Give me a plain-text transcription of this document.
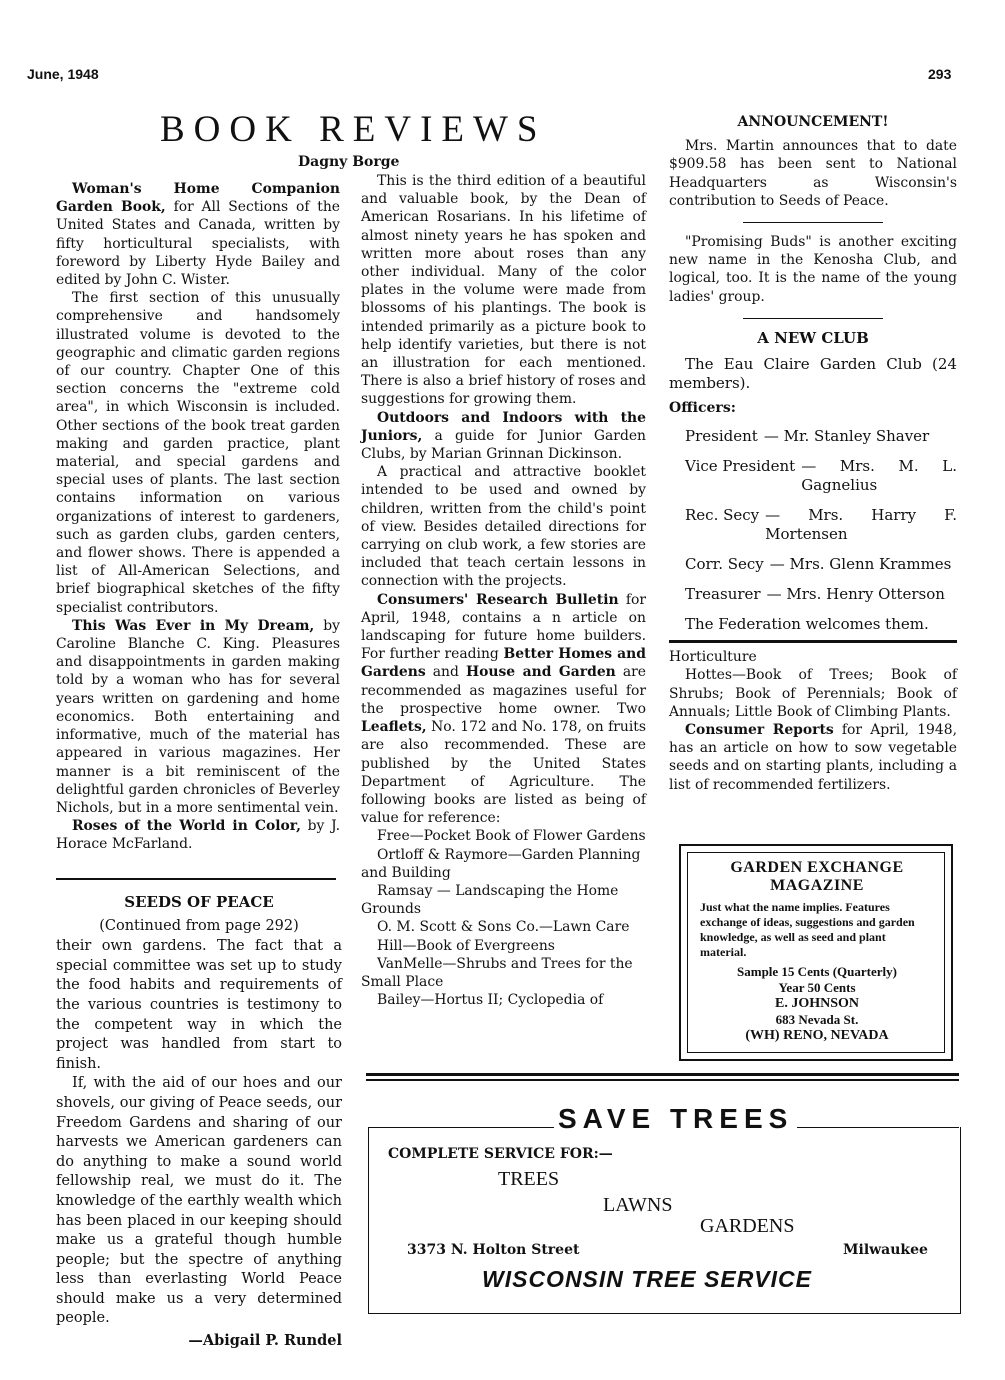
June, 1948	293
BOOK REVIEWS
Dagny Borge

Woman's Home Companion Garden Book, for All Sections of the United States and Canada, written by fifty horticultural specialists, with foreword by Liberty Hyde Bailey and edited by John C. Wister.

The first section of this unusually comprehensive and handsomely illustrated volume is devoted to the geographic and climatic garden regions of our country. Chapter One of this section concerns the "extreme cold area", in which Wisconsin is included. Other sections of the book treat garden making and garden practice, plant material, and special gardens and special uses of plants. The last section contains information on various organizations of interest to gardeners, such as garden clubs, garden centers, and flower shows. There is appended a list of All-American Selections, and brief biographical sketches of the fifty specialist contributors.

This Was Ever in My Dream, by Caroline Blanche C. King. Pleasures and disappointments in garden making told by a woman who has for several years written on gardening and home economics. Both entertaining and informative, much of the material has appeared in various magazines. Her manner is a bit reminiscent of the delightful garden chronicles of Beverley Nichols, but in a more sentimental vein.

Roses of the World in Color, by J. Horace McFarland.

SEEDS OF PEACE

(Continued from page 292)

their own gardens. The fact that a special committee was set up to study the food habits and requirements of the various countries is testimony to the competent way in which the project was handled from start to finish.

If, with the aid of our hoes and our shovels, our giving of Peace seeds, our Freedom Gardens and sharing of our harvests we American gardeners can do anything to make a sound world fellowship real, we must do it. The knowledge of the earthly wealth which has been placed in our keeping should make us a grateful though humble people; but the spectre of anything less than everlasting World Peace should make us a very determined people.

—Abigail P. Rundel

This is the third edition of a beautiful and valuable book, by the Dean of American Rosarians. In his lifetime of almost ninety years he has spoken and written more about roses than any other individual. Many of the color plates in the volume were made from blossoms of his plantings. The book is intended primarily as a picture book to help identify varieties, but there is not an illustration for each mentioned. There is also a brief history of roses and suggestions for growing them.

Outdoors and Indoors with the Juniors, a guide for Junior Garden Clubs, by Marian Grinnan Dickinson.

A practical and attractive booklet intended to be used and owned by children, written from the child's point of view. Besides detailed directions for carrying on club work, a few stories are included that teach certain lessons in connection with the projects.

Consumers' Research Bulletin for April, 1948, contains a n article on landscaping for future home builders. For further reading Better Homes and Gardens and House and Garden are recommended as magazines useful for the prospective home owner. Two Leaflets, No. 172 and No. 178, on fruits are also recommended. These are published by the United States Department of Agriculture. The following books are listed as being of value for reference:

Free—Pocket Book of Flower Gardens

Ortloff & Raymore—Garden Planning and Building

Ramsay — Landscaping the Home Grounds

O. M. Scott & Sons Co.—Lawn Care

Hill—Book of Evergreens

VanMelle—Shrubs and Trees for the Small Place

Bailey—Hortus II; Cyclopedia of

ANNOUNCEMENT!

Mrs. Martin announces that to date $909.58 has been sent to National Headquarters as Wisconsin's contribution to Seeds of Peace.

"Promising Buds" is another exciting new name in the Kenosha Club, and logical, too. It is the name of the young ladies' group.

A NEW CLUB

The Eau Claire Garden Club (24 members).

Officers:

President — Mr. Stanley Shaver
Vice President — Mrs. M. L. Gagnelius
Rec. Secy — Mrs. Harry F. Mortensen
Corr. Secy — Mrs. Glenn Krammes
Treasurer — Mrs. Henry Otterson

The Federation welcomes them.

Horticulture

Hottes—Book of Trees; Book of Shrubs; Book of Perennials; Book of Annuals; Little Book of Climbing Plants.

Consumer Reports for April, 1948, has an article on how to sow vegetable seeds and on starting plants, including a list of recommended fertilizers.

GARDEN EXCHANGE
MAGAZINE
Just what the name implies. Features exchange of ideas, suggestions and garden knowledge, as well as seed and plant material.
Sample 15 Cents (Quarterly)
Year 50 Cents
E. JOHNSON
683 Nevada St.
(WH) RENO, NEVADA
SAVE TREES
COMPLETE SERVICE FOR:—
TREES
LAWNS
GARDENS
3373 N. Holton Street	Milwaukee
WISCONSIN TREE SERVICE
